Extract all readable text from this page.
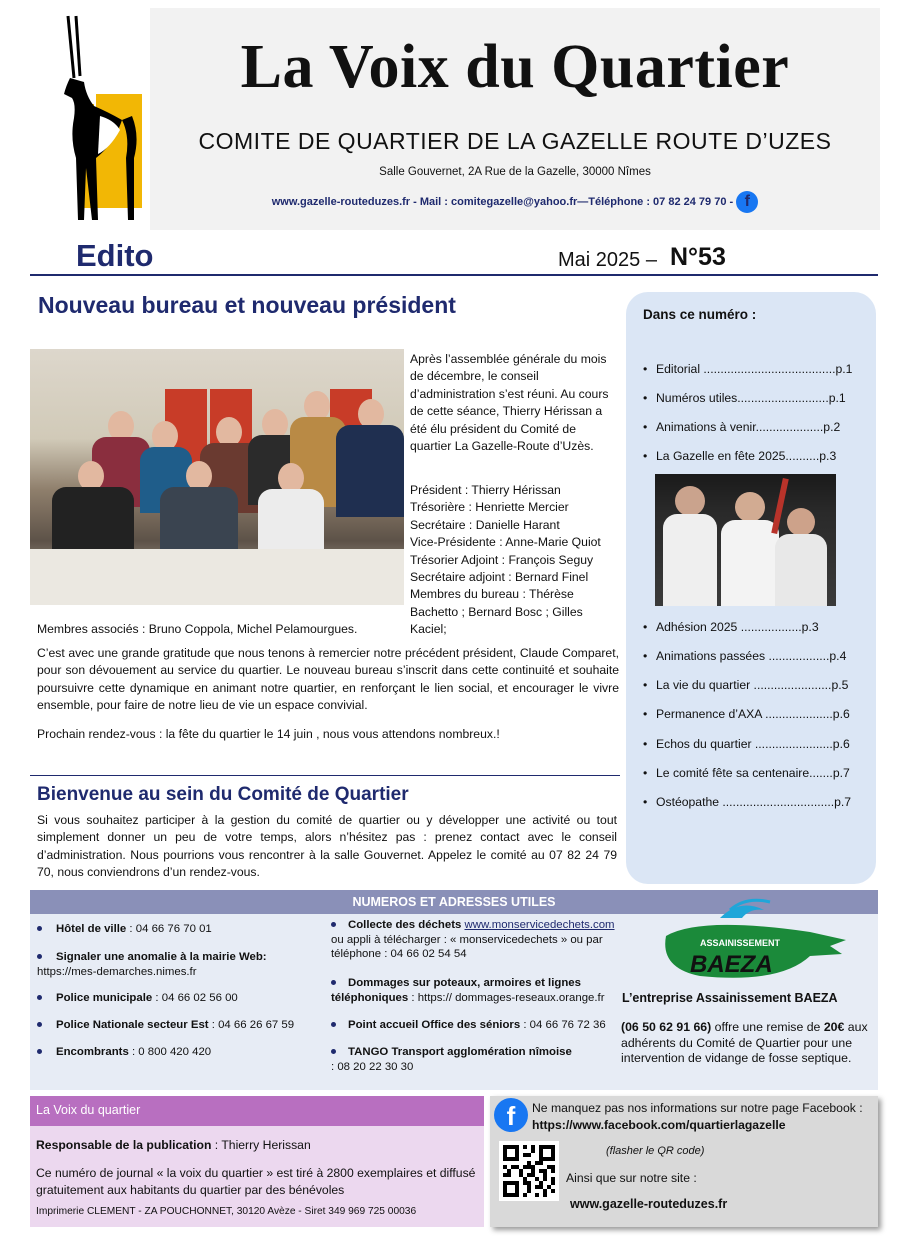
La Voix du Quartier
COMITE DE QUARTIER DE LA GAZELLE ROUTE D’UZES
Salle Gouvernet, 2A Rue de la Gazelle, 30000 Nîmes
www.gazelle-routeduzes.fr - Mail : comitegazelle@yahoo.fr—Téléphone : 07 82 24 79 70 - f
Edito	Mai 2025 – N°53
Nouveau bureau et nouveau président
Après l’assemblée générale du mois de décembre, le conseil d’administration s’est réuni. Au cours de cette séance, Thierry Hérissan a été élu président du Comité de quartier La Gazelle-Route d’Uzès.
Président : Thierry Hérissan
Trésorière : Henriette Mercier
Secrétaire : Danielle Harant
Vice-Présidente : Anne-Marie Quiot
Trésorier Adjoint : François Seguy
Secrétaire adjoint : Bernard Finel
Membres du bureau : Thérèse Bachetto ; Bernard Bosc ; Gilles Kaciel;
Membres associés : Bruno Coppola, Michel Pelamourgues.
C’est avec une grande gratitude que nous tenons à remercier notre précédent président, Claude Comparet, pour son dévouement au service du quartier. Le nouveau bureau s’inscrit dans cette continuité et souhaite poursuivre cette dynamique en animant notre quartier, en renforçant le lien social, et encourager le vivre ensemble, pour faire de notre lieu de vie un espace convivial.
Prochain rendez-vous : la fête du quartier le 14 juin , nous vous attendons nombreux.!
Bienvenue au sein du Comité de Quartier
Si vous souhaitez participer à la gestion du comité de quartier ou y développer une activité ou tout simplement donner un peu de votre temps, alors n’hésitez pas : prenez contact avec le conseil d’administration. Nous pourrions vous rencontrer à la salle Gouvernet. Appelez le comité au 07 82 24 79 70, nous conviendrons d’un rendez-vous.
Dans ce numéro :
• Editorial .......................................p.1
• Numéros utiles...........................p.1
• Animations à venir....................p.2
• La Gazelle en fête 2025..........p.3
• Adhésion 2025 ..................p.3
• Animations passées ..................p.4
• La vie du quartier .......................p.5
• Permanence d’AXA ....................p.6
• Echos du quartier .......................p.6
• Le comité fête sa centenaire.......p.7
• Ostéopathe .................................p.7
NUMEROS ET ADRESSES UTILES
Hôtel de ville : 04 66 76 70 01
Signaler une anomalie à la mairie Web:
https://mes-demarches.nimes.fr
Police municipale : 04 66 02 56 00
Police Nationale secteur Est : 04 66 26 67 59
Encombrants : 0 800 420 420
Collecte des déchets www.monservicedechets.com
ou appli à télécharger : « monservicedechets » ou par téléphone : 04 66 02 54 54
Dommages sur poteaux, armoires et lignes téléphoniques : https:// dommages-reseaux.orange.fr
Point accueil Office des séniors : 04 66 76 72 36
TANGO Transport agglomération nîmoise
: 08 20 22 30 30
ASSAINISSEMENT
BAEZA
L’entreprise Assainissement BAEZA
(06 50 62 91 66) offre une remise de 20€ aux adhérents du Comité de Quartier pour une intervention de vidange de fosse septique.
La Voix du quartier
Responsable de la publication : Thierry Herissan
Ce numéro de journal « la voix du quartier » est tiré à 2800 exemplaires et diffusé gratuitement aux habitants du quartier par des bénévoles
Imprimerie CLEMENT - ZA POUCHONNET, 30120 Avèze - Siret 349 969 725 00036
f	Ne manquez pas nos informations sur notre page Facebook : https://www.facebook.com/quartierlagazelle
(flasher le QR code)
Ainsi que sur notre site :
www.gazelle-routeduzes.fr
